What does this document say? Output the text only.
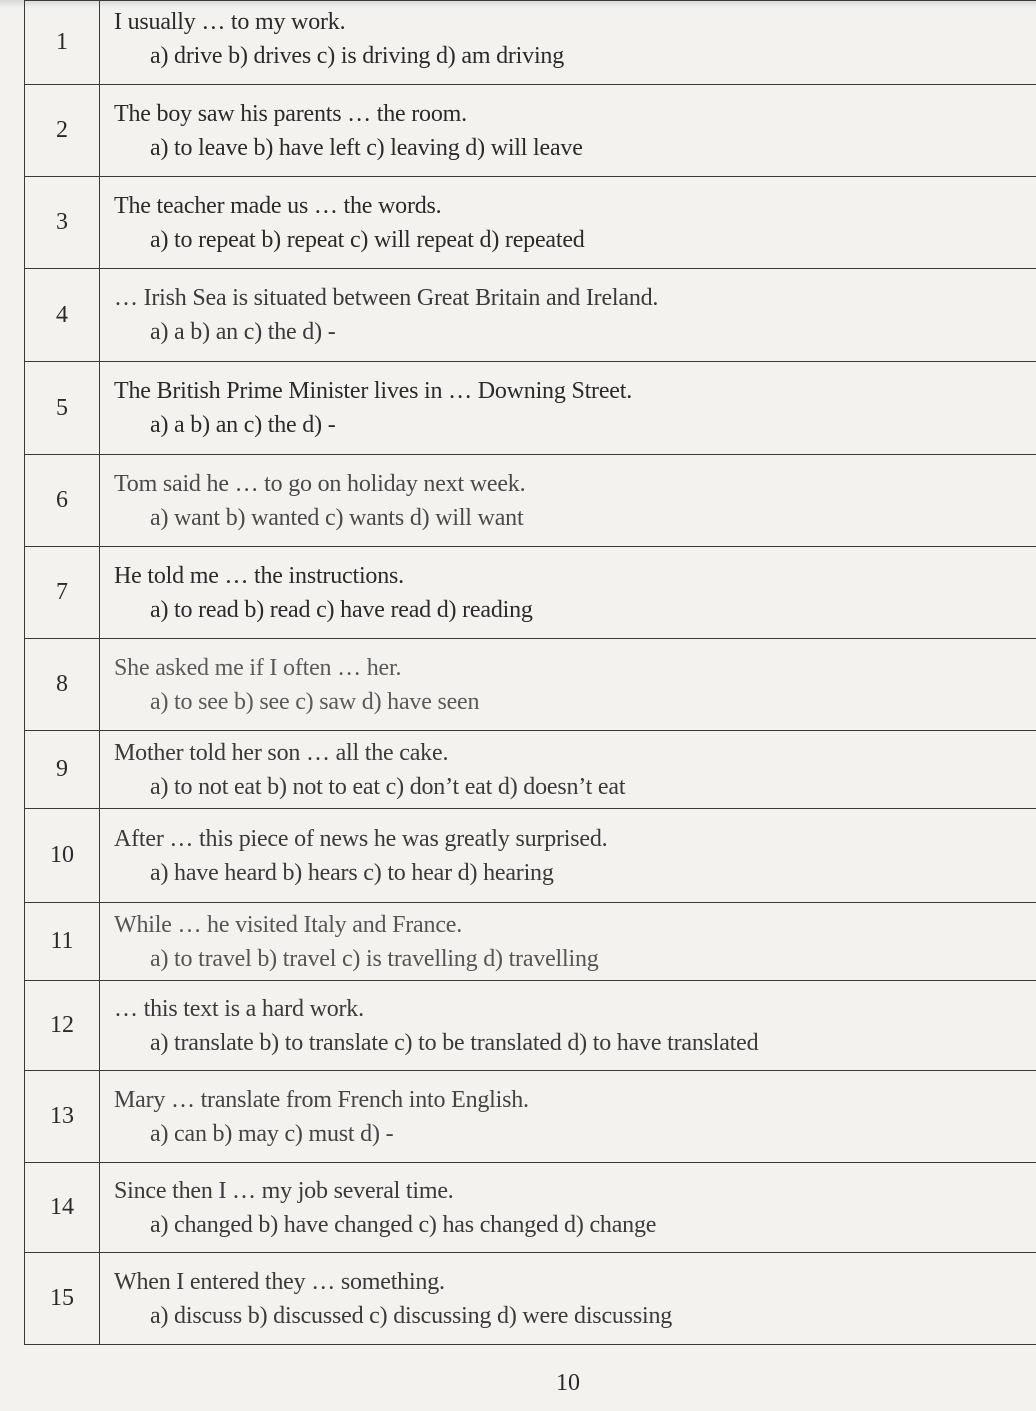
1	I usually … to my work.
a) drive b) drives c) is driving d) am driving

2	The boy saw his parents … the room.
a) to leave b) have left c) leaving d) will leave

3	The teacher made us … the words.
a) to repeat b) repeat c) will repeat d) repeated

4	… Irish Sea is situated between Great Britain and Ireland.
a) a b) an c) the d) -

5	The British Prime Minister lives in … Downing Street.
a) a b) an c) the d) -

6	Tom said he … to go on holiday next week.
a) want b) wanted c) wants d) will want

7	He told me … the instructions.
a) to read b) read c) have read d) reading

8	She asked me if I often … her.
a) to see b) see c) saw d) have seen

9	Mother told her son … all the cake.
a) to not eat b) not to eat c) don’t eat d) doesn’t eat

10	After … this piece of news he was greatly surprised.
a) have heard b) hears c) to hear d) hearing

11	While … he visited Italy and France.
a) to travel b) travel c) is travelling d) travelling

12	… this text is a hard work.
a) translate b) to translate c) to be translated d) to have translated

13	Mary … translate from French into English.
a) can b) may c) must d) -

14	Since then I … my job several time.
a) changed b) have changed c) has changed d) change

15	When I entered they … something.
a) discuss b) discussed c) discussing d) were discussing
10
